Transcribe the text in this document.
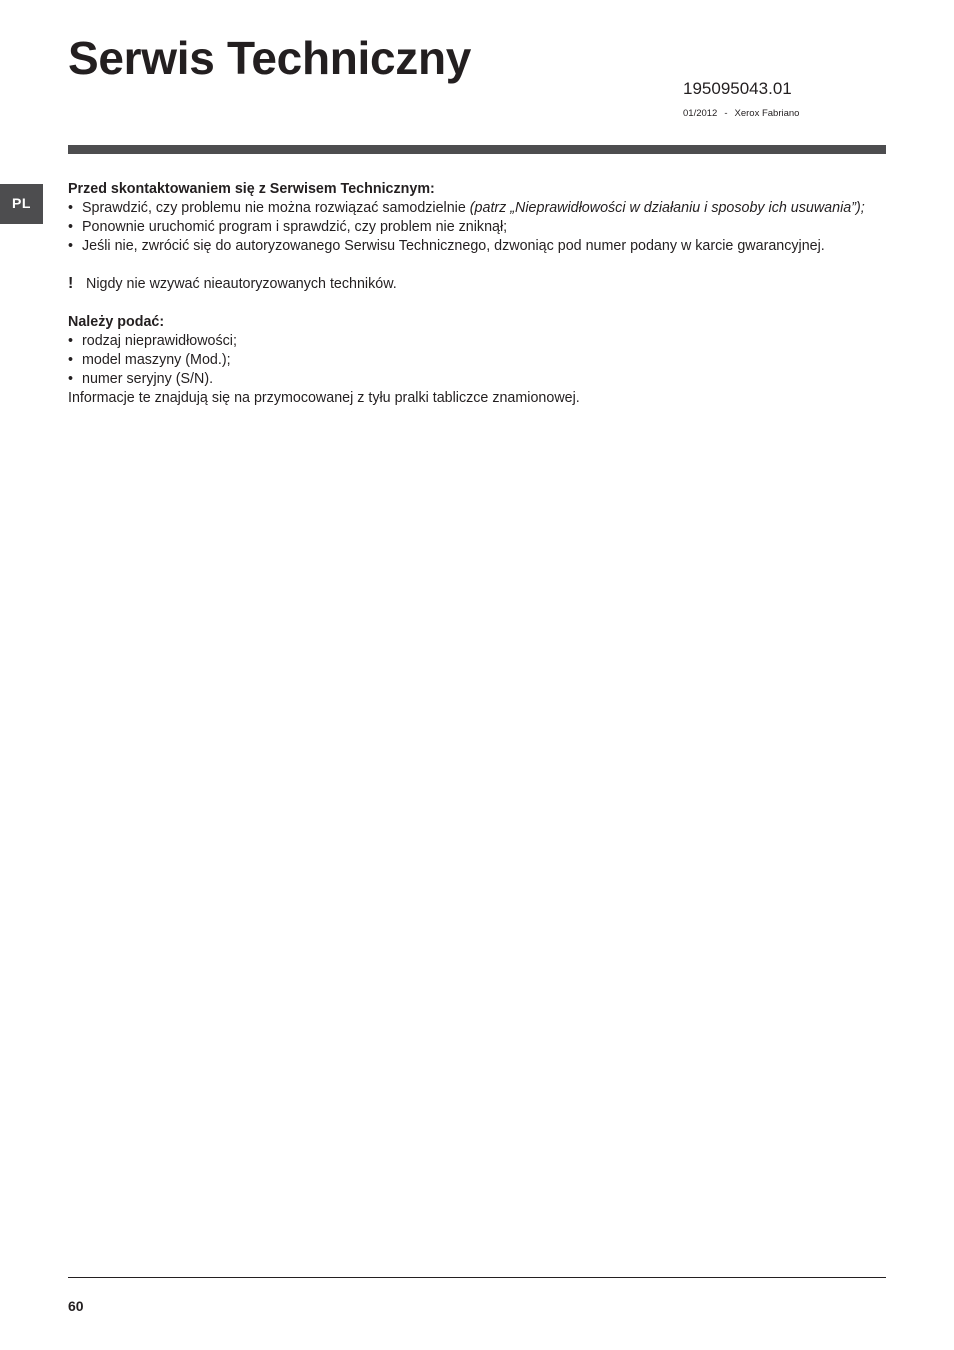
Serwis Techniczny
195095043.01
01/2012 - Xerox Fabriano
PL

Przed skontaktowaniem się z Serwisem Technicznym:

• Sprawdzić, czy problemu nie można rozwiązać samodzielnie (patrz „Nieprawidłowości w działaniu i sposoby ich usuwania”);
• Ponownie uruchomić program i sprawdzić, czy problem nie zniknął;
• Jeśli nie, zwrócić się do autoryzowanego Serwisu Technicznego, dzwoniąc pod numer podany w karcie gwarancyjnej.
! Nigdy nie wzywać nieautoryzowanych techników.

Należy podać:

• rodzaj nieprawidłowości;
• model maszyny (Mod.);
• numer seryjny (S/N).
Informacje te znajdują się na przymocowanej z tyłu pralki tabliczce znamionowej.
60
